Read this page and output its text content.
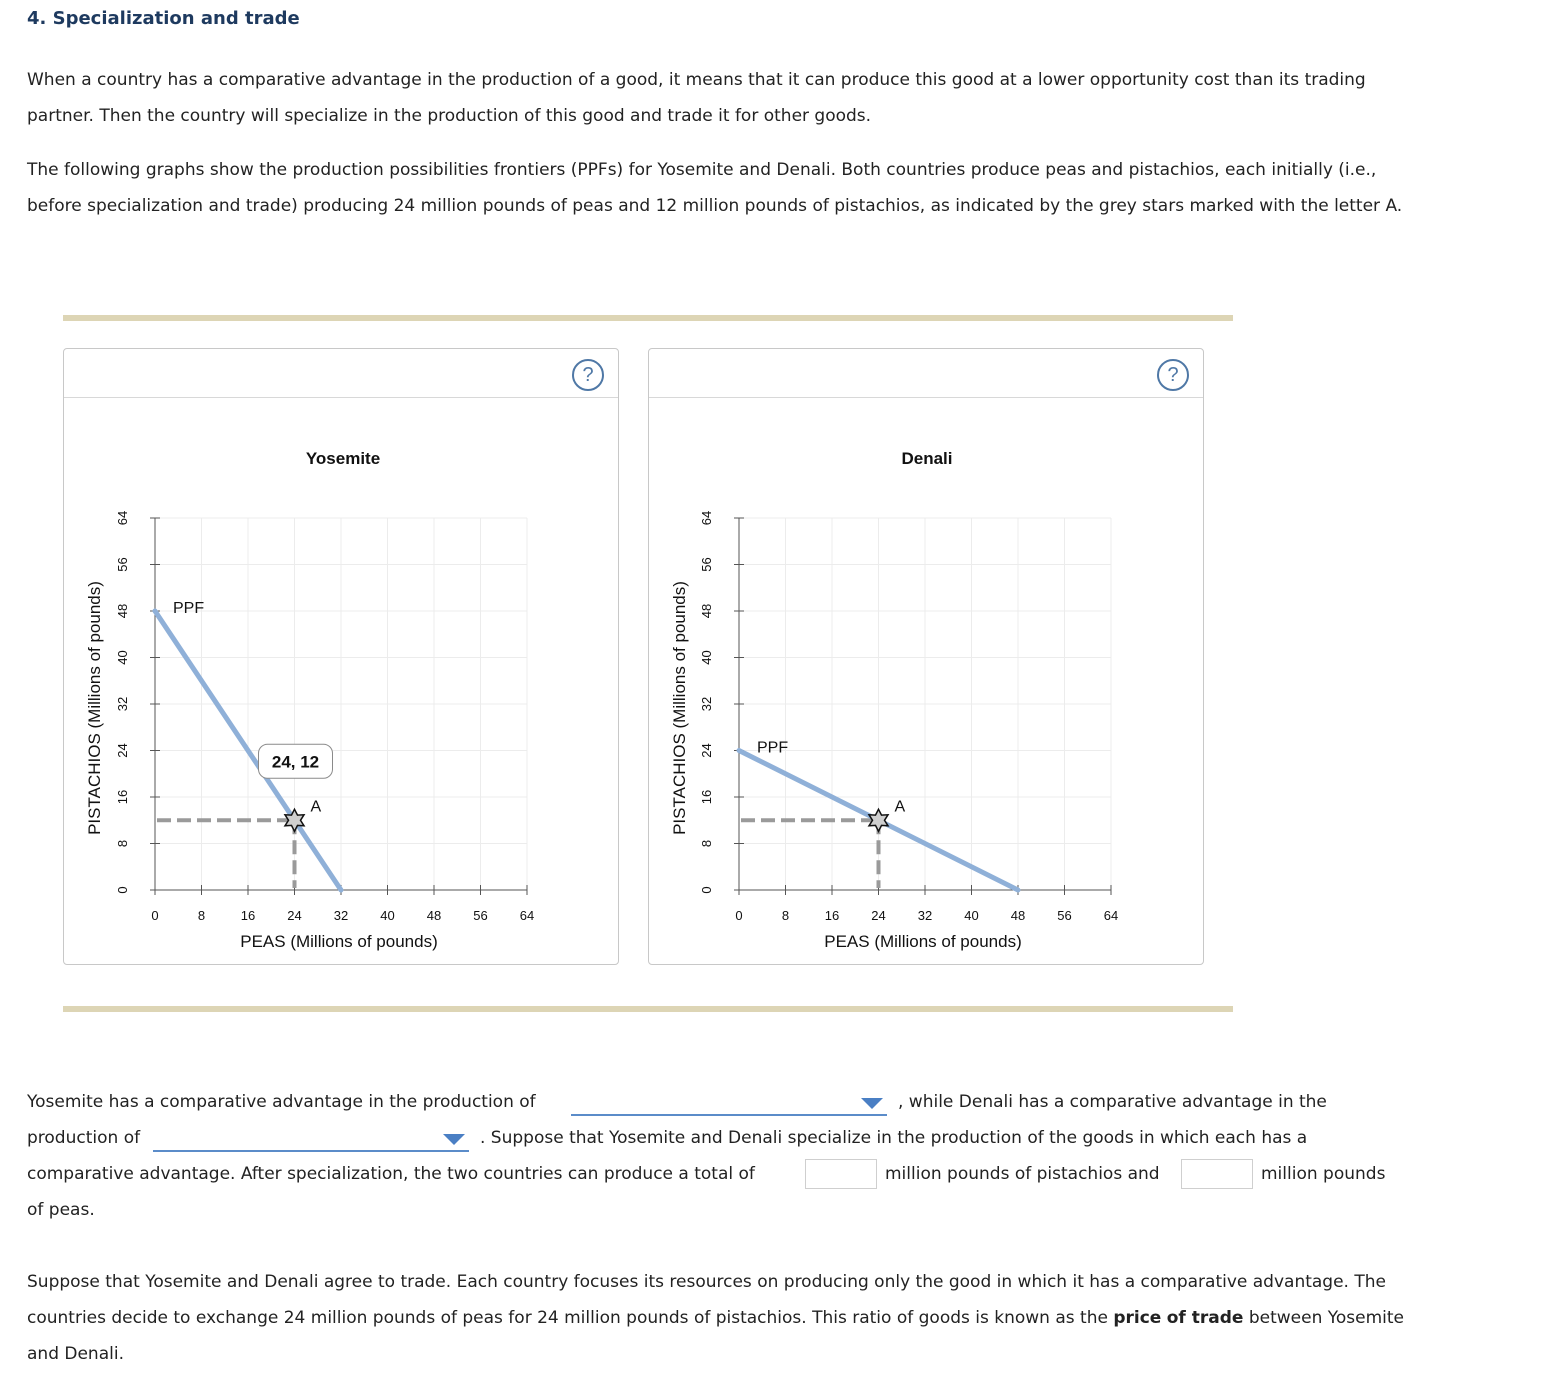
4. Specialization and trade

When a country has a comparative advantage in the production of a good, it means that it can produce this good at a lower opportunity cost than its trading partner. Then the country will specialize in the production of this good and trade it for other goods.

The following graphs show the production possibilities frontiers (PPFs) for Yosemite and Denali. Both countries produce peas and pistachios, each initially (i.e., before specialization and trade) producing 24 million pounds of peas and 12 million pounds of pistachios, as indicated by the grey stars marked with the letter A.

?
Yosemite
0	8	16 24 32 40 48 56 64
0
8
16
24
32
40
48
56
64
PEAS (Millions of pounds)
PISTACHIOS (Millions of pounds)	PPF
A
24, 12
?
Denali
0	8	16 24 32 40 48 56 64
0
8
16
24
32
40
48
56
64
PEAS (Millions of pounds)
PISTACHIOS (Millions of pounds)	PPF
A
Yosemite has a comparative advantage in the production of	, while Denali has a comparative advantage in the
production of	. Suppose that Yosemite and Denali specialize in the production of the goods in which each has a
comparative advantage. After specialization, the two countries can produce a total of	million pounds of pistachios and	million pounds
of peas.

Suppose that Yosemite and Denali agree to trade. Each country focuses its resources on producing only the good in which it has a comparative advantage. The countries decide to exchange 24 million pounds of peas for 24 million pounds of pistachios. This ratio of goods is known as the price of trade between Yosemite and Denali.
